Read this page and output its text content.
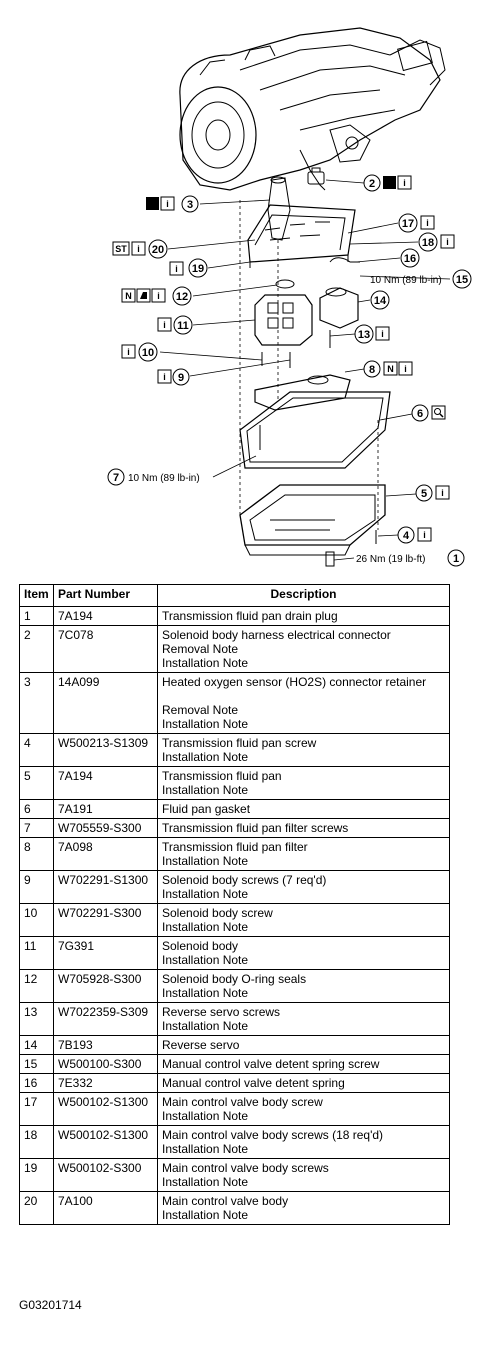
26 Nm (19 lb-ft) 1
2	i
i 3
4 i
5 i
6
7 10 Nm (89 lb-in)
8 N i
i 9
i 10
i 11
N	i 12
13 i
14
10 Nm (89 lb-in) 15
16
17 i
18 i
i 19
ST i 20
Item	Part Number	Description
1	7A194	Transmission fluid pan drain plug

2	7C078	Solenoid body harness electrical connector
Removal Note
Installation Note

3	14A099	Heated oxygen sensor (HO2S) connector retainer
Removal Note
Installation Note

4	W500213-S1309	Transmission fluid pan screw
Installation Note

5	7A194	Transmission fluid pan
Installation Note

6	7A191	Fluid pan gasket

7	W705559-S300	Transmission fluid pan filter screws

8	7A098	Transmission fluid pan filter
Installation Note

9	W702291-S1300	Solenoid body screws (7 req'd)
Installation Note

10	W702291-S300	Solenoid body screw
Installation Note

11	7G391	Solenoid body
Installation Note

12	W705928-S300	Solenoid body O-ring seals
Installation Note

13	W7022359-S309	Reverse servo screws
Installation Note

14	7B193	Reverse servo

15	W500100-S300	Manual control valve detent spring screw

16	7E332	Manual control valve detent spring

17	W500102-S1300	Main control valve body screw
Installation Note

18	W500102-S1300	Main control valve body screws (18 req'd)
Installation Note

19	W500102-S300	Main control valve body screws
Installation Note

20	7A100	Main control valve body
Installation Note
G03201714
